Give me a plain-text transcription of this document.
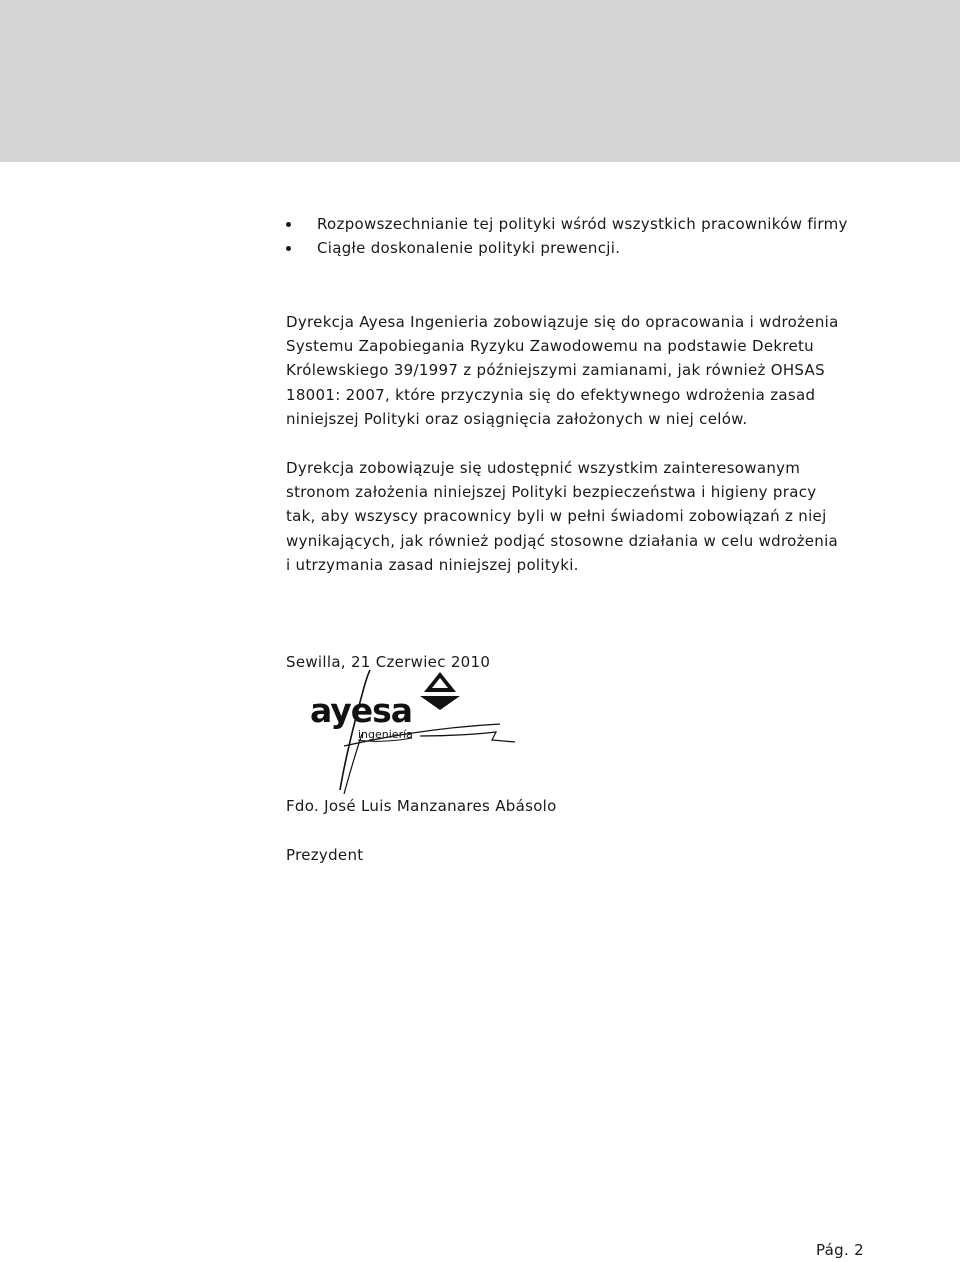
Rozpowszechnianie tej polityki wśród wszystkich pracowników firmy
Ciągłe doskonalenie polityki prewencji.

Dyrekcja Ayesa Ingenieria zobowiązuje się do opracowania i wdrożenia
Systemu Zapobiegania Ryzyku Zawodowemu na podstawie Dekretu
Królewskiego 39/1997 z późniejszymi zamianami, jak również OHSAS
18001: 2007, które przyczynia się do efektywnego wdrożenia zasad
niniejszej Polityki oraz osiągnięcia założonych w niej celów.

Dyrekcja zobowiązuje się udostępnić wszystkim zainteresowanym
stronom założenia niniejszej Polityki bezpieczeństwa i higieny pracy
tak, aby wszyscy pracownicy byli w pełni świadomi zobowiązań z niej
wynikających, jak również podjąć stosowne działania w celu wdrożenia
i utrzymania zasad niniejszej polityki.

Sewilla, 21 Czerwiec 2010
Fdo. José Luis Manzanares Abásolo
Prezydent
ayesa
ingeniería
Pág. 2
